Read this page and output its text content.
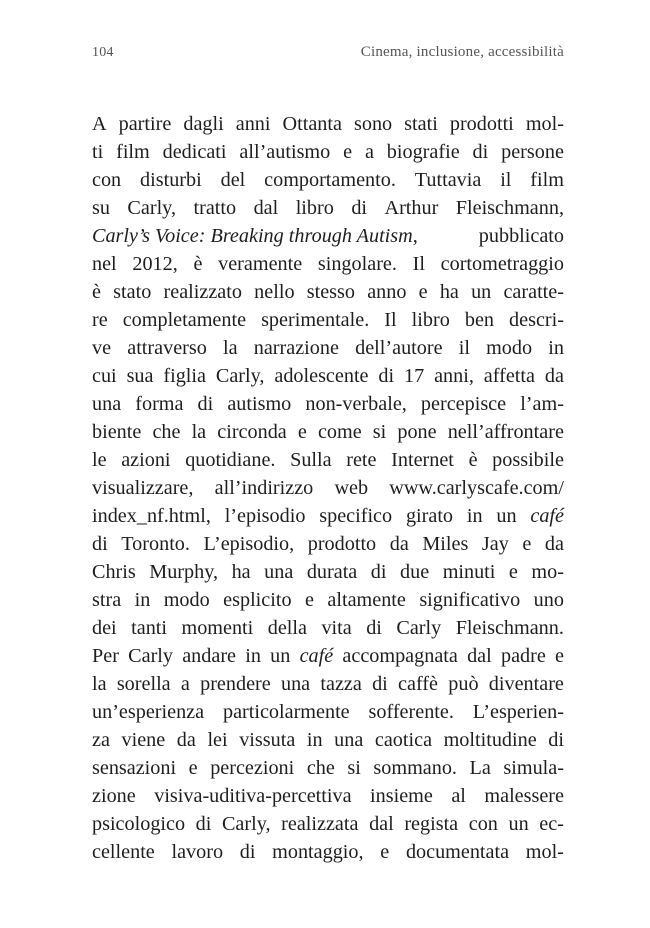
104	Cinema, inclusione, accessibilità
A partire dagli anni Ottanta sono stati prodotti mol-
ti film dedicati all’autismo e a biografie di persone
con disturbi del comportamento. Tuttavia il film
su Carly, tratto dal libro di Arthur Fleischmann,
Carly’s Voice: Breaking through Autism,	pubblicato
nel 2012, è veramente singolare. Il cortometraggio
è stato realizzato nello stesso anno e ha un caratte-
re completamente sperimentale. Il libro ben descri-
ve attraverso la narrazione dell’autore il modo in
cui sua figlia Carly, adolescente di 17 anni, affetta da
una forma di autismo non-verbale, percepisce l’am-
biente che la circonda e come si pone nell’affrontare
le azioni quotidiane. Sulla rete Internet è possibile
visualizzare, all’indirizzo web www.carlyscafe.com/
index_nf.html, l’episodio specifico girato in un café
di Toronto. L’episodio, prodotto da Miles Jay e da
Chris Murphy, ha una durata di due minuti e mo-
stra in modo esplicito e altamente significativo uno
dei tanti momenti della vita di Carly Fleischmann.
Per Carly andare in un café accompagnata dal padre e
la sorella a prendere una tazza di caffè può diventare
un’esperienza particolarmente sofferente. L’esperien-
za viene da lei vissuta in una caotica moltitudine di
sensazioni e percezioni che si sommano. La simula-
zione visiva-uditiva-percettiva insieme al malessere
psicologico di Carly, realizzata dal regista con un ec-
cellente lavoro di montaggio, e documentata mol-
